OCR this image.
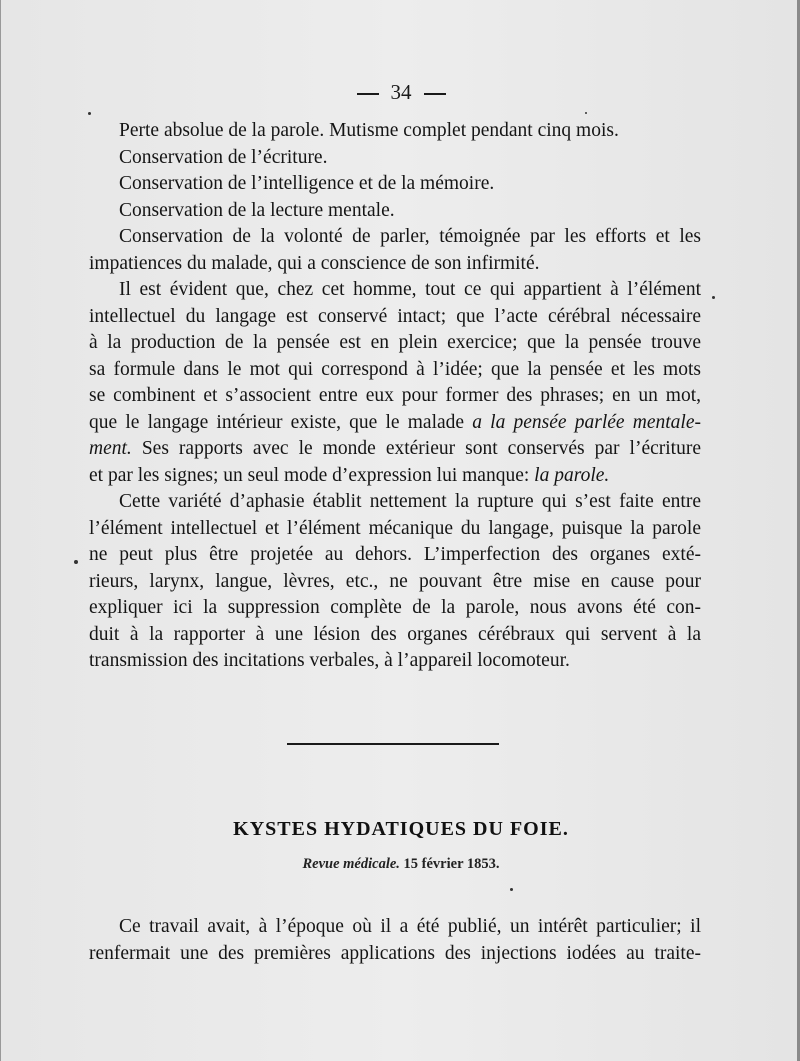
34
Perte absolue de la parole. Mutisme complet pendant cinq mois.
Conservation de l’écriture.
Conservation de l’intelligence et de la mémoire.
Conservation de la lecture mentale.
Conservation de la volonté de parler, témoignée par les efforts et les
impatiences du malade, qui a conscience de son infirmité.
Il est évident que, chez cet homme, tout ce qui appartient à l’élément
intellectuel du langage est conservé intact; que l’acte cérébral nécessaire
à la production de la pensée est en plein exercice; que la pensée trouve
sa formule dans le mot qui correspond à l’idée; que la pensée et les mots
se combinent et s’associent entre eux pour former des phrases; en un mot,
que le langage intérieur existe, que le malade a la pensée parlée mentale-
ment. Ses rapports avec le monde extérieur sont conservés par l’écriture
et par les signes; un seul mode d’expression lui manque: la parole.
Cette variété d’aphasie établit nettement la rupture qui s’est faite entre
l’élément intellectuel et l’élément mécanique du langage, puisque la parole
ne peut plus être projetée au dehors. L’imperfection des organes exté-
rieurs, larynx, langue, lèvres, etc., ne pouvant être mise en cause pour
expliquer ici la suppression complète de la parole, nous avons été con-
duit à la rapporter à une lésion des organes cérébraux qui servent à la
transmission des incitations verbales, à l’appareil locomoteur.
KYSTES HYDATIQUES DU FOIE.
Revue médicale. 15 février 1853.
Ce travail avait, à l’époque où il a été publié, un intérêt particulier; il
renfermait une des premières applications des injections iodées au traite-
